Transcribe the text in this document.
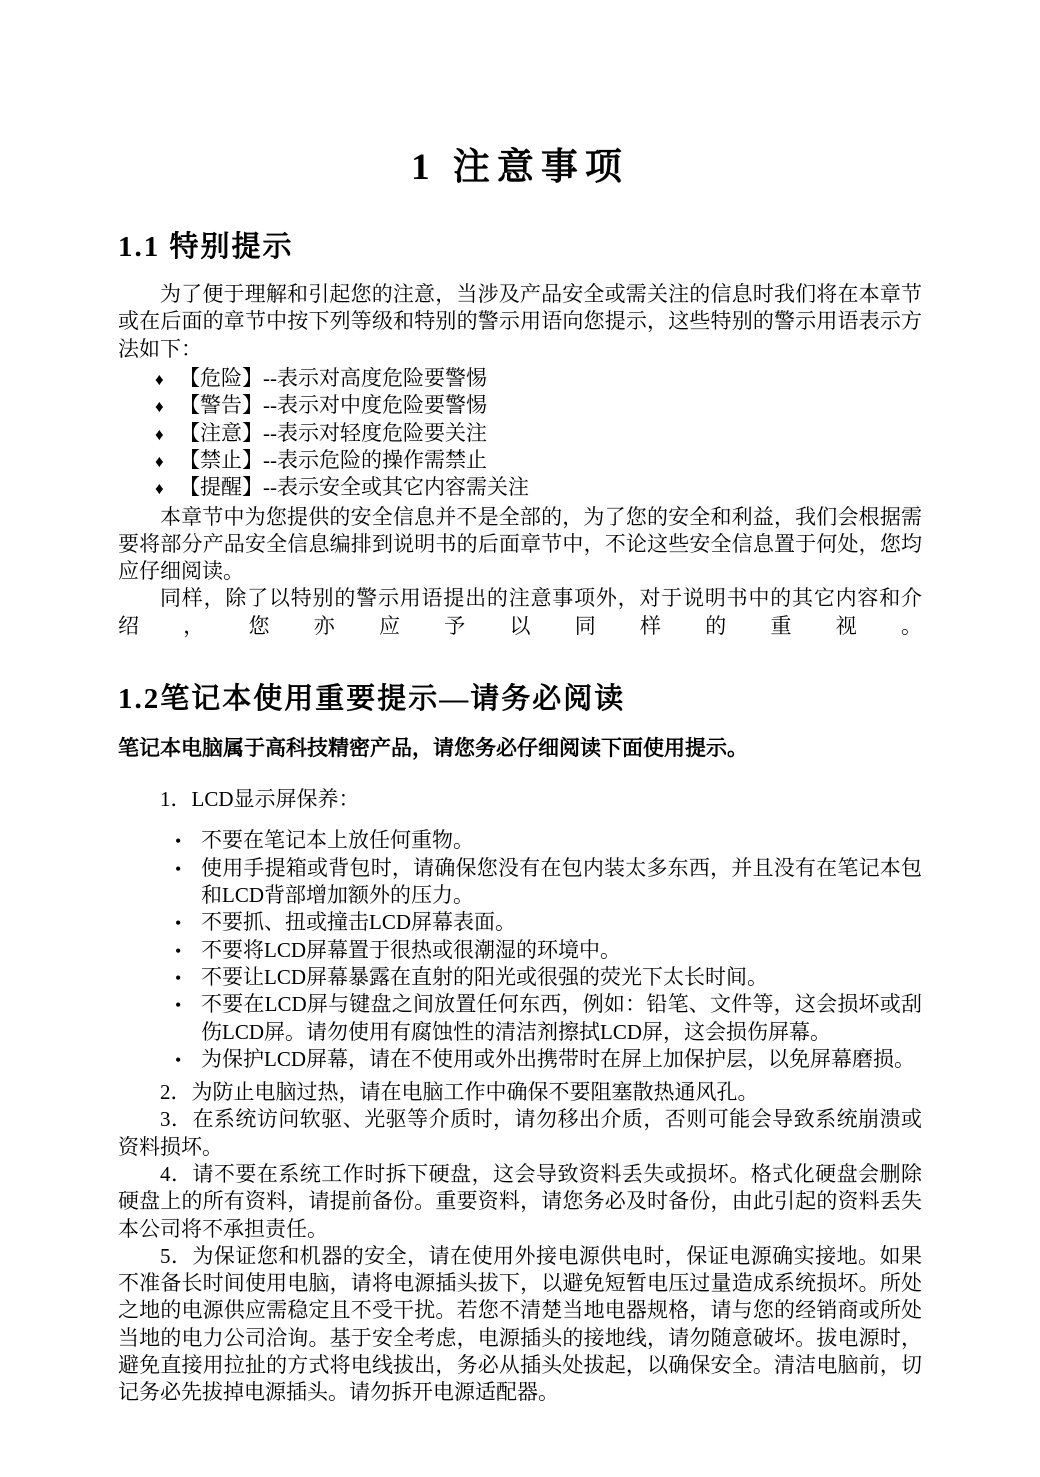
1 注意事项
1.1 特别提示

为了便于理解和引起您的注意，当涉及产品安全或需关注的信息时我们将在本章节或在后面的章节中按下列等级和特别的警示用语向您提示，这些特别的警示用语表示方法如下：

♦ 【危险】--表示对高度危险要警惕
♦ 【警告】--表示对中度危险要警惕
♦ 【注意】--表示对轻度危险要关注
♦ 【禁止】--表示危险的操作需禁止
♦ 【提醒】--表示安全或其它内容需关注

本章节中为您提供的安全信息并不是全部的，为了您的安全和利益，我们会根据需要将部分产品安全信息编排到说明书的后面章节中，不论这些安全信息置于何处，您均应仔细阅读。

同样，除了以特别的警示用语提出的注意事项外，对于说明书中的其它内容和介绍，您亦应予以同样的重视。

1.2笔记本使用重要提示—请务必阅读

笔记本电脑属于高科技精密产品，请您务必仔细阅读下面使用提示。

1．LCD显示屏保养：

• 不要在笔记本上放任何重物。
• 使用手提箱或背包时，请确保您没有在包内装太多东西，并且没有在笔记本包和LCD背部增加额外的压力。
• 不要抓、扭或撞击LCD屏幕表面。
• 不要将LCD屏幕置于很热或很潮湿的环境中。
• 不要让LCD屏幕暴露在直射的阳光或很强的荧光下太长时间。
• 不要在LCD屏与键盘之间放置任何东西，例如：铅笔、文件等，这会损坏或刮伤LCD屏。请勿使用有腐蚀性的清洁剂擦拭LCD屏，这会损伤屏幕。
• 为保护LCD屏幕，请在不使用或外出携带时在屏上加保护层，以免屏幕磨损。

2．为防止电脑过热，请在电脑工作中确保不要阻塞散热通风孔。

3．在系统访问软驱、光驱等介质时，请勿移出介质，否则可能会导致系统崩溃或资料损坏。

4．请不要在系统工作时拆下硬盘，这会导致资料丢失或损坏。格式化硬盘会删除硬盘上的所有资料，请提前备份。重要资料，请您务必及时备份，由此引起的资料丢失本公司将不承担责任。

5．为保证您和机器的安全，请在使用外接电源供电时，保证电源确实接地。如果不准备长时间使用电脑，请将电源插头拔下，以避免短暂电压过量造成系统损坏。所处之地的电源供应需稳定且不受干扰。若您不清楚当地电器规格，请与您的经销商或所处当地的电力公司洽询。基于安全考虑，电源插头的接地线，请勿随意破坏。拔电源时，避免直接用拉扯的方式将电线拔出，务必从插头处拔起，以确保安全。清洁电脑前，切记务必先拔掉电源插头。请勿拆开电源适配器。
